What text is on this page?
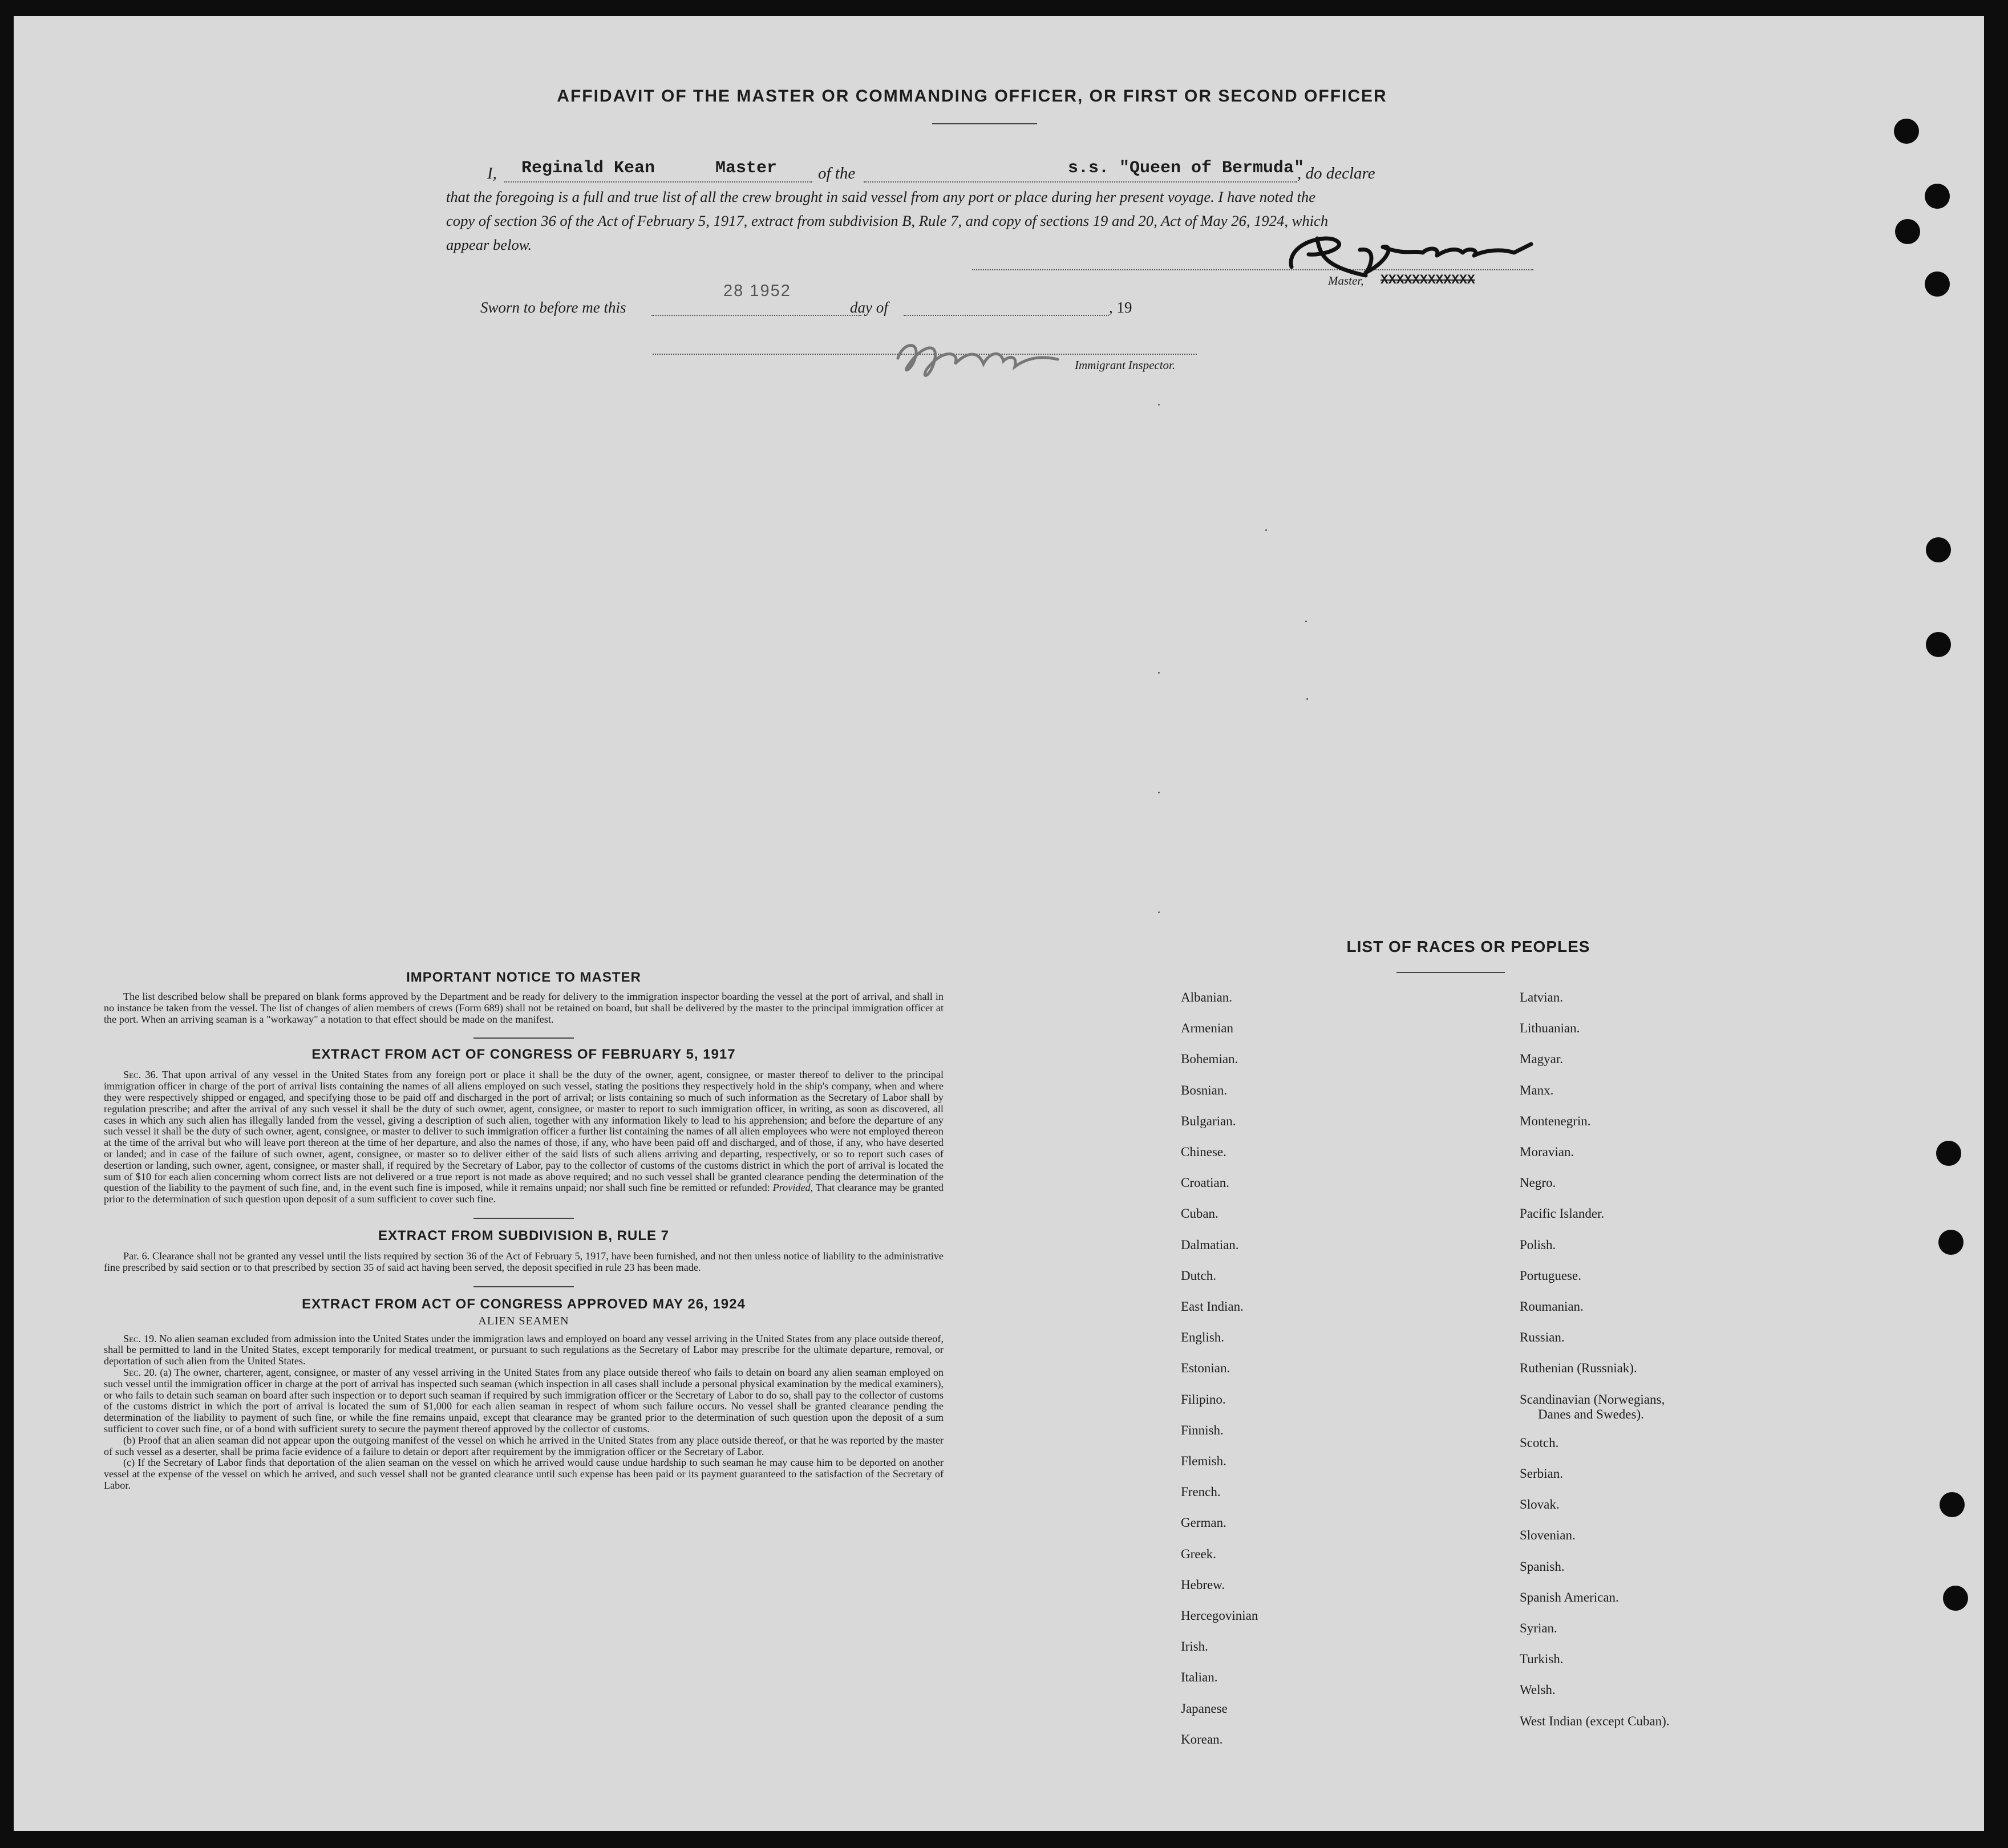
AFFIDAVIT OF THE MASTER OR COMMANDING OFFICER, OR FIRST OR SECOND OFFICER
I, Reginald Kean	Master of the	s.s. "Queen of Bermuda"
, do declare
that the foregoing is a full and true list of all the crew brought in said vessel from any port or place during her present voyage. I have noted the
copy of section 36 of the Act of February 5, 1917, extract from subdivision B, Rule 7, and copy of sections 19 and 20, Act of May 26, 1924, which
appear below.
Master, XXXXXXXXXXXX
Sworn to before me this
28 1952
day of	, 19
Immigrant Inspector.
IMPORTANT NOTICE TO MASTER

The list described below shall be prepared on blank forms approved by the Department and be ready for delivery to the immigration inspector boarding the vessel at the port of arrival, and shall in no instance be taken from the vessel. The list of changes of alien members of crews (Form 689) shall not be retained on board, but shall be delivered by the master to the principal immigration officer at the port. When an arriving seaman is a "workaway" a notation to that effect should be made on the manifest.

EXTRACT FROM ACT OF CONGRESS OF FEBRUARY 5, 1917

Sec. 36. That upon arrival of any vessel in the United States from any foreign port or place it shall be the duty of the owner, agent, consignee, or master thereof to deliver to the principal immigration officer in charge of the port of arrival lists containing the names of all aliens employed on such vessel, stating the positions they respectively hold in the ship's company, when and where they were respectively shipped or engaged, and specifying those to be paid off and discharged in the port of arrival; or lists containing so much of such information as the Secretary of Labor shall by regulation prescribe; and after the arrival of any such vessel it shall be the duty of such owner, agent, consignee, or master to report to such immigration officer, in writing, as soon as discovered, all cases in which any such alien has illegally landed from the vessel, giving a description of such alien, together with any information likely to lead to his apprehension; and before the departure of any such vessel it shall be the duty of such owner, agent, consignee, or master to deliver to such immigration officer a further list containing the names of all alien employees who were not employed thereon at the time of the arrival but who will leave port thereon at the time of her departure, and also the names of those, if any, who have been paid off and discharged, and of those, if any, who have deserted or landed; and in case of the failure of such owner, agent, consignee, or master so to deliver either of the said lists of such aliens arriving and departing, respectively, or so to report such cases of desertion or landing, such owner, agent, consignee, or master shall, if required by the Secretary of Labor, pay to the collector of customs of the customs district in which the port of arrival is located the sum of $10 for each alien concerning whom correct lists are not delivered or a true report is not made as above required; and no such vessel shall be granted clearance pending the determination of the question of the liability to the payment of such fine, and, in the event such fine is imposed, while it remains unpaid; nor shall such fine be remitted or refunded: Provided, That clearance may be granted prior to the determination of such question upon deposit of a sum sufficient to cover such fine.

EXTRACT FROM SUBDIVISION B, RULE 7

Par. 6. Clearance shall not be granted any vessel until the lists required by section 36 of the Act of February 5, 1917, have been furnished, and not then unless notice of liability to the administrative fine prescribed by said section or to that prescribed by section 35 of said act having been served, the deposit specified in rule 23 has been made.

EXTRACT FROM ACT OF CONGRESS APPROVED MAY 26, 1924
ALIEN SEAMEN

Sec. 19. No alien seaman excluded from admission into the United States under the immigration laws and employed on board any vessel arriving in the United States from any place outside thereof, shall be permitted to land in the United States, except temporarily for medical treatment, or pursuant to such regulations as the Secretary of Labor may prescribe for the ultimate departure, removal, or deportation of such alien from the United States.

Sec. 20. (a) The owner, charterer, agent, consignee, or master of any vessel arriving in the United States from any place outside thereof who fails to detain on board any alien seaman employed on such vessel until the immigration officer in charge at the port of arrival has inspected such seaman (which inspection in all cases shall include a personal physical examination by the medical examiners), or who fails to detain such seaman on board after such inspection or to deport such seaman if required by such immigration officer or the Secretary of Labor to do so, shall pay to the collector of customs of the customs district in which the port of arrival is located the sum of $1,000 for each alien seaman in respect of whom such failure occurs. No vessel shall be granted clearance pending the determination of the liability to payment of such fine, or while the fine remains unpaid, except that clearance may be granted prior to the determination of such question upon the deposit of a sum sufficient to cover such fine, or of a bond with sufficient surety to secure the payment thereof approved by the collector of customs.

(b) Proof that an alien seaman did not appear upon the outgoing manifest of the vessel on which he arrived in the United States from any place outside thereof, or that he was reported by the master of such vessel as a deserter, shall be prima facie evidence of a failure to detain or deport after requirement by the immigration officer or the Secretary of Labor.

(c) If the Secretary of Labor finds that deportation of the alien seaman on the vessel on which he arrived would cause undue hardship to such seaman he may cause him to be deported on another vessel at the expense of the vessel on which he arrived, and such vessel shall not be granted clearance until such expense has been paid or its payment guaranteed to the satisfaction of the Secretary of Labor.

LIST OF RACES OR PEOPLES
Albanian.
Armenian
Bohemian.
Bosnian.
Bulgarian.
Chinese.
Croatian.
Cuban.
Dalmatian.
Dutch.
East Indian.
English.
Estonian.
Filipino.
Finnish.
Flemish.
French.
German.
Greek.
Hebrew.
Hercegovinian
Irish.
Italian.
Japanese
Korean.
Latvian.
Lithuanian.
Magyar.
Manx.
Montenegrin.
Moravian.
Negro.
Pacific Islander.
Polish.
Portuguese.
Roumanian.
Russian.
Ruthenian (Russniak).
Scandinavian (Norwegians,
Danes and Swedes).
Scotch.
Serbian.
Slovak.
Slovenian.
Spanish.
Spanish American.
Syrian.
Turkish.
Welsh.
West Indian (except Cuban).
